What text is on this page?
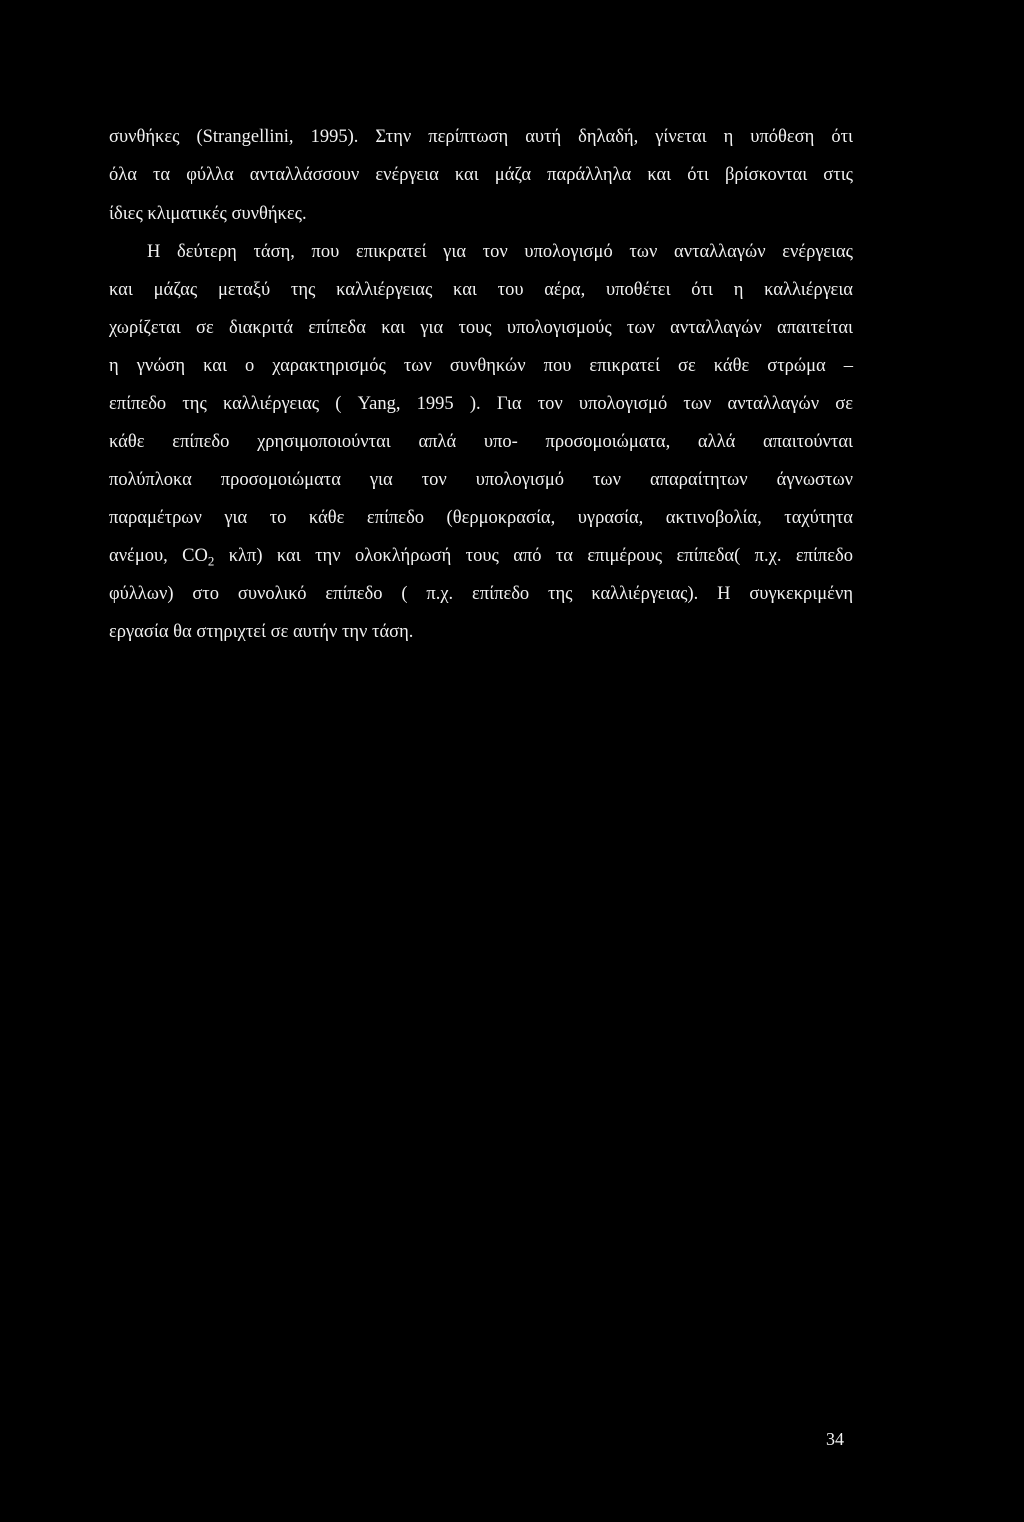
συνθήκες (Strangellini, 1995). Στην περίπτωση αυτή δηλαδή, γίνεται η υπόθεση ότι
όλα τα φύλλα ανταλλάσσουν ενέργεια και μάζα παράλληλα και ότι βρίσκονται στις
ίδιες κλιματικές συνθήκες.
Η δεύτερη τάση, που επικρατεί για τον υπολογισμό των ανταλλαγών ενέργειας
και μάζας μεταξύ της καλλιέργειας και του αέρα, υποθέτει ότι η καλλιέργεια
χωρίζεται σε διακριτά επίπεδα και για τους υπολογισμούς των ανταλλαγών απαιτείται
η γνώση και ο χαρακτηρισμός των συνθηκών που επικρατεί σε κάθε στρώμα –
επίπεδο της καλλιέργειας ( Yang, 1995 ). Για τον υπολογισμό των ανταλλαγών σε
κάθε επίπεδο χρησιμοποιούνται απλά υπο- προσομοιώματα, αλλά απαιτούνται
πολύπλοκα προσομοιώματα για τον υπολογισμό των απαραίτητων άγνωστων
παραμέτρων για το κάθε επίπεδο (θερμοκρασία, υγρασία, ακτινοβολία, ταχύτητα
ανέμου, $CO_2$ κλπ) και την ολοκλήρωσή τους από τα επιμέρους επίπεδα( π.χ. επίπεδο
φύλλων) στο συνολικό επίπεδο ( π.χ. επίπεδο της καλλιέργειας). Η συγκεκριμένη
εργασία θα στηριχτεί σε αυτήν την τάση.
34
